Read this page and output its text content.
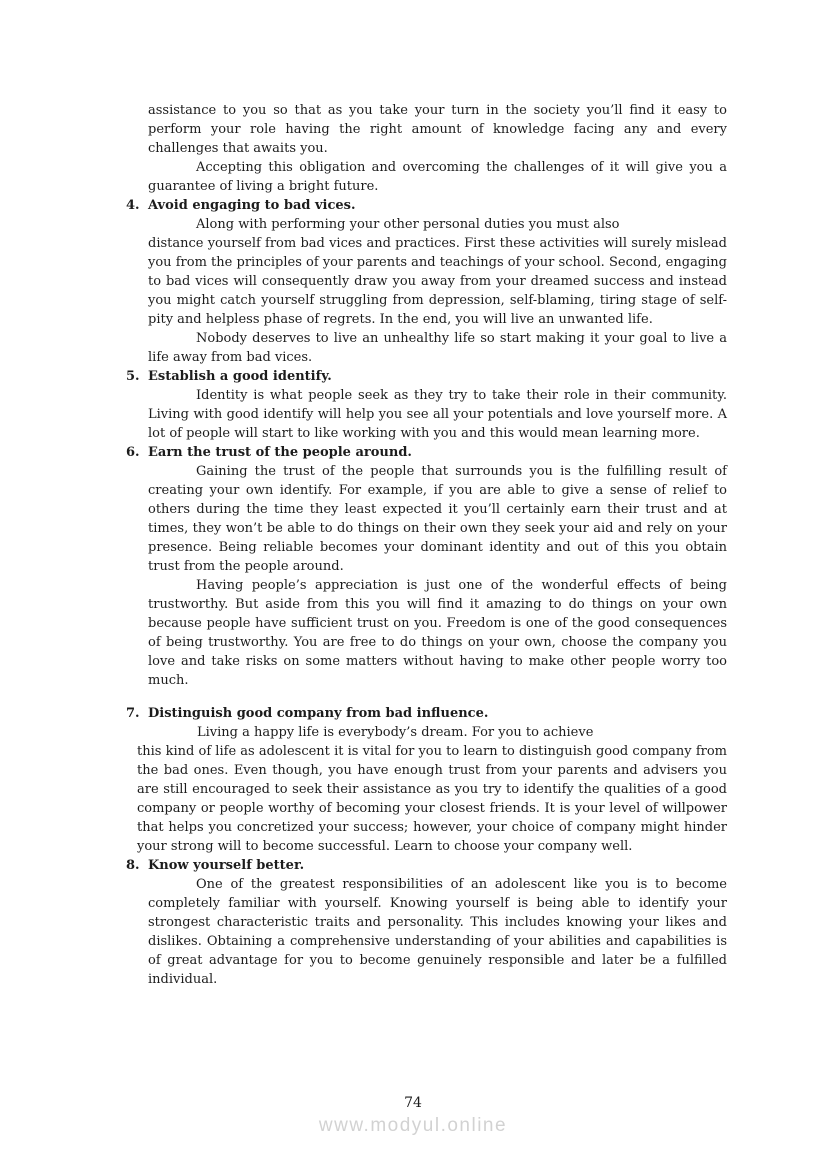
assistance to you so that as you take your turn in the society you’ll find it easy to perform your role having the right amount of knowledge facing any and every challenges that awaits you.

Accepting this obligation and overcoming the challenges of it will give you a guarantee of living a bright future.

4. Avoid engaging to bad vices.

Along with performing your other personal duties you must also
distance yourself from bad vices and practices. First these activities will surely mislead you from the principles of your parents and teachings of your school. Second, engaging to bad vices will consequently draw you away from your dreamed success and instead you might catch yourself struggling from depression, self-blaming, tiring stage of self-pity and helpless phase of regrets. In the end, you will live an unwanted life.

Nobody deserves to live an unhealthy life so start making it your goal to live a life away from bad vices.

5. Establish a good identify.

Identity is what people seek as they try to take their role in their community. Living with good identify will help you see all your potentials and love yourself more. A lot of people will start to like working with you and this would mean learning more.

6. Earn the trust of the people around.

Gaining the trust of the people that surrounds you is the fulfilling result of creating your own identify. For example, if you are able to give a sense of relief to others during the time they least expected it you’ll certainly earn their trust and at times, they won’t be able to do things on their own they seek your aid and rely on your presence. Being reliable becomes your dominant identity and out of this you obtain trust from the people around.

Having people’s appreciation is just one of the wonderful effects of being trustworthy. But aside from this you will find it amazing to do things on your own because people have sufficient trust on you. Freedom is one of the good consequences of being trustworthy. You are free to do things on your own, choose the company you love and take risks on some matters without having to make other people worry too much.

7. Distinguish good company from bad influence.

Living a happy life is everybody’s dream. For you to achieve
this kind of life as adolescent it is vital for you to learn to distinguish good company from the bad ones. Even though, you have enough trust from your parents and advisers you are still encouraged to seek their assistance as you try to identify the qualities of a good company or people worthy of becoming your closest friends. It is your level of willpower that helps you concretized your success; however, your choice of company might hinder your strong will to become successful. Learn to choose your company well.

8. Know yourself better.

One of the greatest responsibilities of an adolescent like you is to become completely familiar with yourself. Knowing yourself is being able to identify your strongest characteristic traits and personality. This includes knowing your likes and dislikes. Obtaining a comprehensive understanding of your abilities and capabilities is of great advantage for you to become genuinely responsible and later be a fulfilled individual.

74
www.modyul.online
